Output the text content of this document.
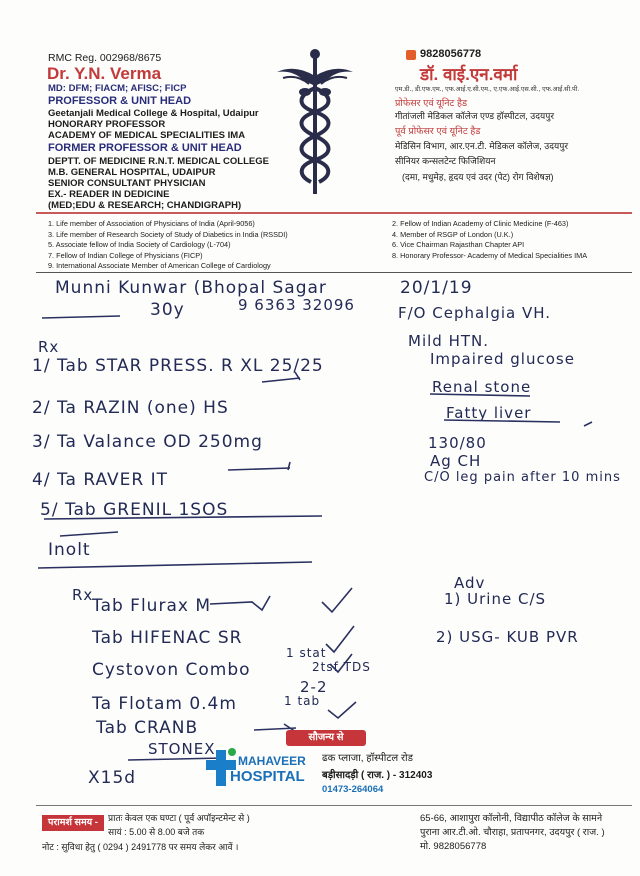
RMC Reg. 002968/8675
Dr. Y.N. Verma
MD: DFM; FIACM; AFISC; FICP
PROFESSOR & UNIT HEAD
Geetanjali Medical College & Hospital, Udaipur
HONORARY PROFESSOR
ACADEMY OF MEDICAL SPECIALITIES IMA
FORMER PROFESSOR & UNIT HEAD
DEPTT. OF MEDICINE R.N.T. MEDICAL COLLEGE
M.B. GENERAL HOSPITAL, UDAIPUR
SENIOR CONSULTANT PHYSICIAN
EX.- READER IN DEDICINE
(MED;EDU & RESEARCH; CHANDIGRAPH)
9828056778
डॉ. वाई.एन.वर्मा
एम.डी., डी.एफ.एम., एफ.आई.ए.सी.एम., ए.एफ.आई.एस.सी., एफ.आई.सी.पी.
प्रोफेसर एवं यूनिट हैड
गीतांजली मेडिकल कॉलेज एण्ड हॉस्पीटल, उदयपुर
पूर्व प्रोफेसर एवं यूनिट हैड
मेडिसिन विभाग, आर.एन.टी. मेडिकल कॉलेज, उदयपुर
सीनियर कन्सलटेन्ट फिजिशियन
(दमा, मधुमेह, हृदय एवं उदर (पेट) रोग विशेषज्ञ)
1. Life member of Association of Physicians of India (April-9056)
3. Life member of Research Society of Study of Diabetics in India (RSSDI)
5. Associate fellow of India Society of Cardiology (L-704)
7. Fellow of Indian College of Physicians (FICP)
9. International Associate Member of American College of Cardiology
2. Fellow of Indian Academy of Clinic Medicine (F-463)
4. Member of RSGP of London (U.K.)
6. Vice Chairman Rajasthan Chapter API
8. Honorary Professor- Academy of Medical Specialities IMA
Munni Kunwar (Bhopal Sagar
9 6363 32096
30y
20/1/19
Rx
1/ Tab STAR PRESS. R XL 25/25
2/ Ta RAZIN (one) HS
3/ Ta Valance OD 250mg
4/ Ta RAVER IT
5/ Tab GRENIL 1SOS
Inolt
F/O Cephalgia VH.
Mild HTN.
Impaired glucose
Renal stone
Fatty liver
130/80
Ag CH
C/O leg pain after 10 mins
Rx
Tab Flurax M
Tab HIFENAC SR
Cystovon Combo
Ta Flotam 0.4m
Tab CRANB
1 stat
2tsf TDS
2-2
1 tab
STONEX
X15d
Adv
1) Urine C/S
2) USG- KUB PVR
सौजन्य से
MAHAVEER
HOSPITAL
ढक प्लाजा, हॉस्पीटल रोड
बड़ीसादड़ी ( राज. ) - 312403
01473-264064
परामर्श समय -	प्रातः केवल एक घण्टा ( पूर्व अपॉइन्टमेन्ट से )
सायं : 5.00 से 8.00 बजे तक
नोट : सुविधा हेतु ( 0294 ) 2491778 पर समय लेकर आवें ।
65-66, आशापुरा कॉलोनी, विद्यापीठ कॉलेज के सामने
पुराना आर.टी.ओ. चौराहा, प्रतापनगर, उदयपुर ( राज. )
मो. 9828056778
